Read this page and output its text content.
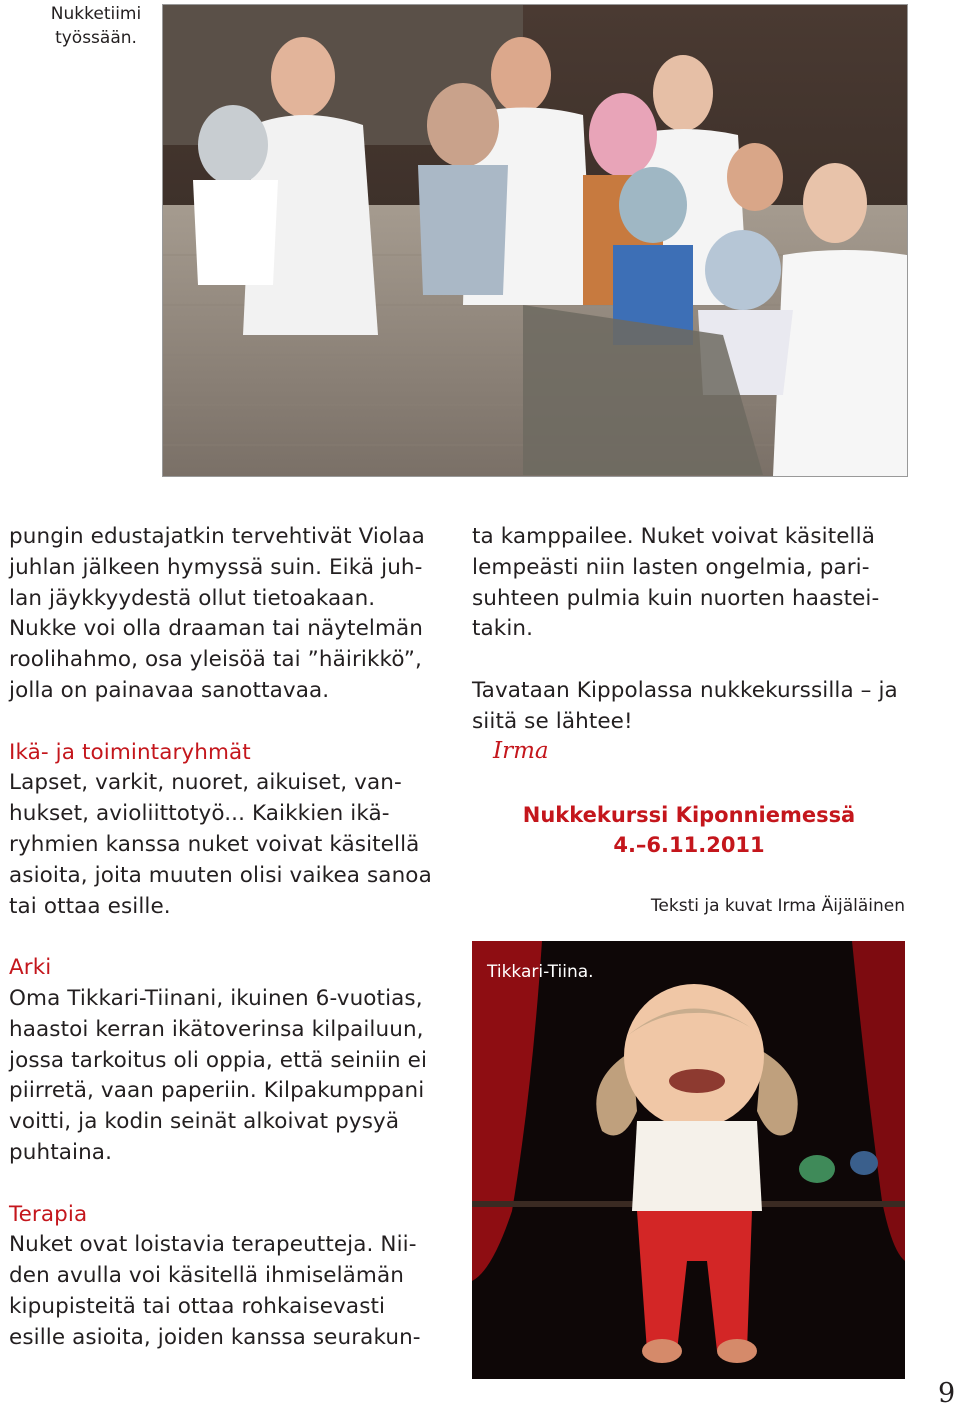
Nukketiimi työssään.

pungin edustajatkin tervehtivät Violaa

juhlan jälkeen hymyssä suin. Eikä juh-

lan jäykkyydestä ollut tietoakaan.

Nukke voi olla draaman tai näytelmän

roolihahmo, osa yleisöä tai ”häirikkö”,

jolla on painavaa sanottavaa.

Ikä- ja toimintaryhmät

Lapset, varkit, nuoret, aikuiset, van-

hukset, avioliittotyö... Kaikkien ikä-

ryhmien kanssa nuket voivat käsitellä

asioita, joita muuten olisi vaikea sanoa

tai ottaa esille.

Arki

Oma Tikkari-Tiinani, ikuinen 6-vuotias,

haastoi kerran ikätoverinsa kilpailuun,

jossa tarkoitus oli oppia, että seiniin ei

piirretä, vaan paperiin. Kilpakumppani

voitti, ja kodin seinät alkoivat pysyä

puhtaina.

Terapia

Nuket ovat loistavia terapeutteja. Nii-

den avulla voi käsitellä ihmiselämän

kipupisteitä tai ottaa rohkaisevasti

esille asioita, joiden kanssa seurakun-

ta kamppailee. Nuket voivat käsitellä

lempeästi niin lasten ongelmia, pari-

suhteen pulmia kuin nuorten haastei-

takin.

Tavataan Kippolassa nukkekurssilla – ja

siitä se lähtee!

Irma
Nukkekurssi Kiponniemessä
4.–6.11.2011
Teksti ja kuvat Irma Äijäläinen
Tikkari-Tiina.
9
